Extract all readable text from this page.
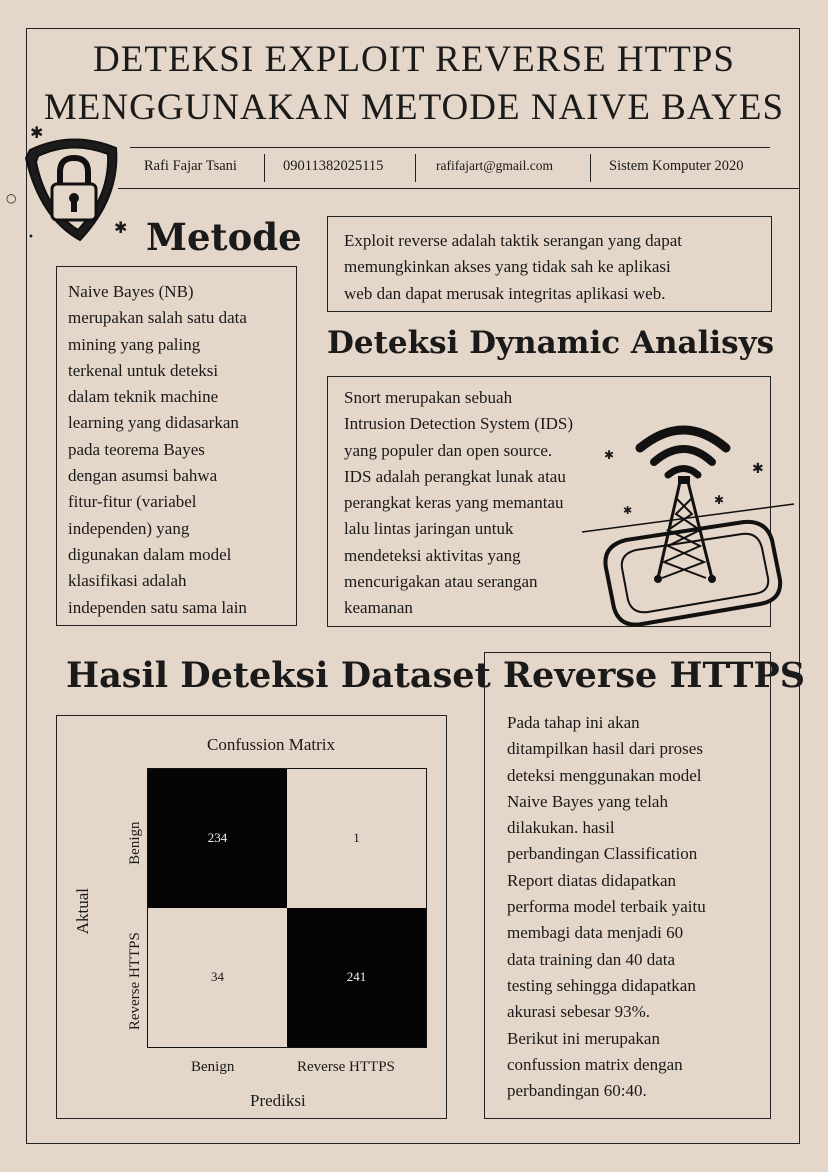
DETEKSI EXPLOIT REVERSE HTTPS
MENGGUNAKAN METODE NAIVE BAYES
Rafi Fajar Tsani	09011382025115	rafifajart@gmail.com	Sistem Komputer 2020
✱
○
✱
•	Metode

Naive Bayes (NB)

merupakan salah satu data

mining yang paling

terkenal untuk deteksi

dalam teknik machine

learning yang didasarkan

pada teorema Bayes

dengan asumsi bahwa

fitur-fitur (variabel

independen) yang

digunakan dalam model

klasifikasi adalah

independen satu sama lain

Exploit reverse adalah taktik serangan yang dapat

memungkinkan akses yang tidak sah ke aplikasi

web dan dapat merusak integritas aplikasi web.

Deteksi Dynamic Analisys

Snort merupakan sebuah

Intrusion Detection System (IDS)

yang populer dan open source.

IDS adalah perangkat lunak atau

perangkat keras yang memantau

lalu lintas jaringan untuk

mendeteksi aktivitas yang

mencurigakan atau serangan

keamanan

✱
✱
✱
✱
Hasil Deteksi Dataset Reverse HTTPS
Confussion Matrix
234	1
34	241
Benign
Reverse HTTPS
Aktual
Benign	Reverse HTTPS
Prediksi

Pada tahap ini akan

ditampilkan hasil dari proses

deteksi menggunakan model

Naive Bayes yang telah

dilakukan. hasil

perbandingan Classification

Report diatas didapatkan

performa model terbaik yaitu

membagi data menjadi 60

data training dan 40 data

testing sehingga didapatkan

akurasi sebesar 93%.

Berikut ini merupakan

confussion matrix dengan

perbandingan 60:40.
